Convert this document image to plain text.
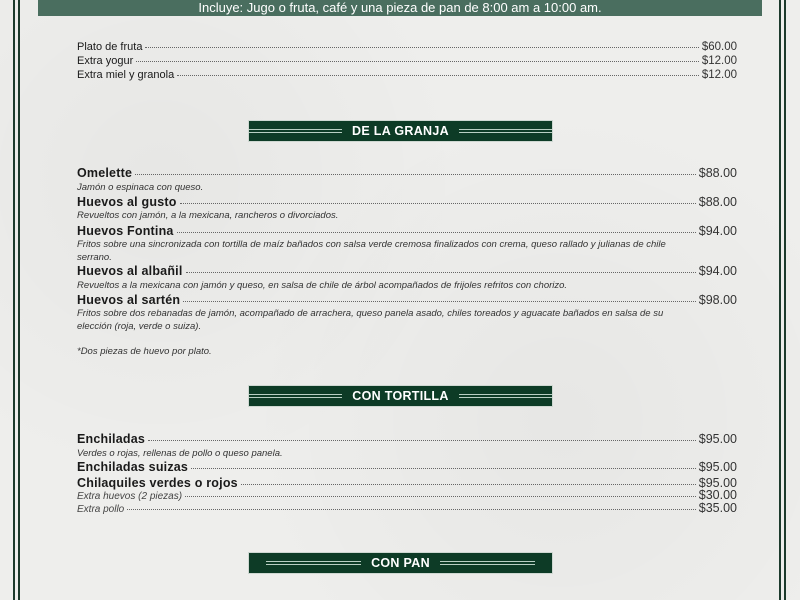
Incluye: Jugo o fruta, café y una pieza de pan de 8:00 am a 10:00 am.
DE LA GRANJA
CON TORTILLA
CON PAN
*Dos piezas de huevo por plato.
Plato de fruta	$60.00
Extra yogur	$12.00
Extra miel y granola	$12.00
Omelette	$88.00
Jamón o espinaca con queso.
Huevos al gusto	$88.00
Revueltos con jamón, a la mexicana, rancheros o divorciados.
Huevos Fontina	$94.00
Fritos sobre una sincronizada con tortilla de maíz bañados con salsa verde cremosa finalizados con crema, queso rallado y julianas de chile serrano.
Huevos al albañil	$94.00
Revueltos a la mexicana con jamón y queso, en salsa de chile de árbol acompañados de frijoles refritos con chorizo.
Huevos al sartén	$98.00
Fritos sobre dos rebanadas de jamón, acompañado de arrachera, queso panela asado, chiles toreados y aguacate bañados en salsa de su elección (roja, verde o suiza).
Enchiladas	$95.00
Verdes o rojas, rellenas de pollo o queso panela.
Enchiladas suizas	$95.00
Chilaquiles verdes o rojos	$95.00
Extra huevos (2 piezas)	$30.00
Extra pollo	$35.00
